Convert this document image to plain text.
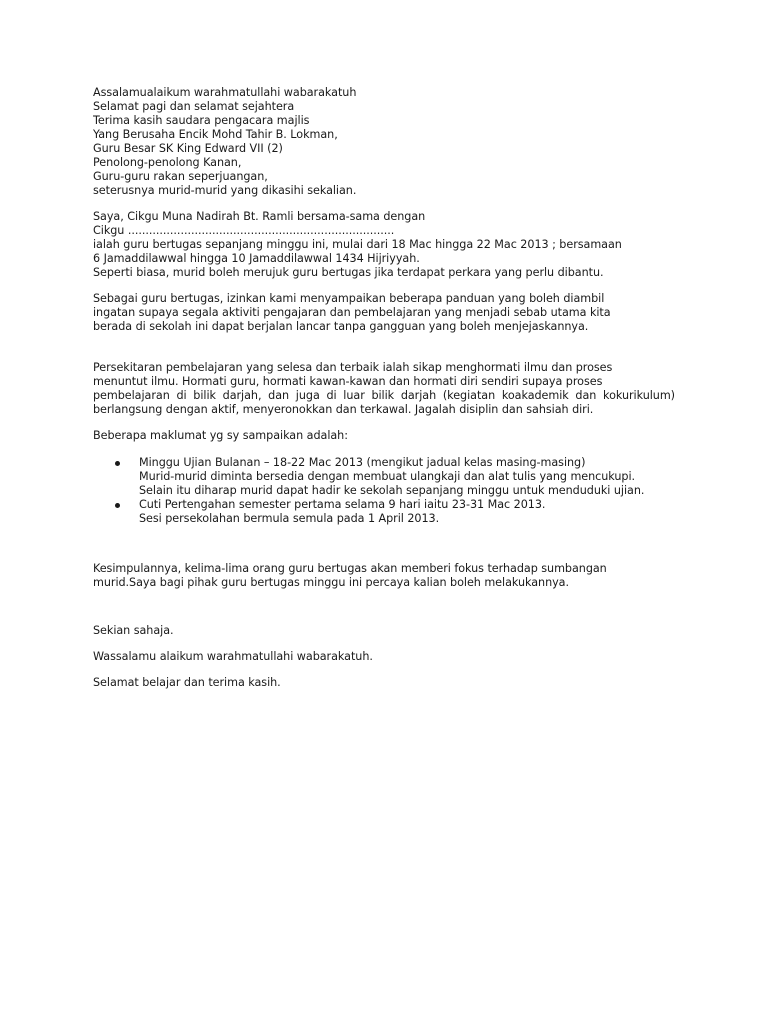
Assalamualaikum warahmatullahi wabarakatuh
Selamat pagi dan selamat sejahtera
Terima kasih saudara pengacara majlis
Yang Berusaha Encik Mohd Tahir B. Lokman,
Guru Besar SK King Edward VII (2)
Penolong-penolong Kanan,
Guru-guru rakan seperjuangan,
seterusnya murid-murid yang dikasihi sekalian.
Saya, Cikgu Muna Nadirah Bt. Ramli bersama-sama dengan
Cikgu ............................................................................
ialah guru bertugas sepanjang minggu ini, mulai dari 18 Mac hingga 22 Mac 2013 ; bersamaan
6 Jamaddilawwal hingga 10 Jamaddilawwal 1434 Hijriyyah.
Seperti biasa, murid boleh merujuk guru bertugas jika terdapat perkara yang perlu dibantu.
Sebagai guru bertugas, izinkan kami menyampaikan beberapa panduan yang boleh diambil
ingatan supaya segala aktiviti pengajaran dan pembelajaran yang menjadi sebab utama kita
berada di sekolah ini dapat berjalan lancar tanpa gangguan yang boleh menjejaskannya.
Persekitaran pembelajaran yang selesa dan terbaik ialah sikap menghormati ilmu dan proses
menuntut ilmu. Hormati guru, hormati kawan-kawan dan hormati diri sendiri supaya proses
pembelajaran di bilik darjah, dan juga di luar bilik darjah (kegiatan koakademik dan kokurikulum) berlangsung dengan aktif, menyeronokkan dan terkawal. Jagalah disiplin dan sahsiah diri.
Beberapa maklumat yg sy sampaikan adalah:
Minggu Ujian Bulanan – 18-22 Mac 2013 (mengikut jadual kelas masing-masing)
Murid-murid diminta bersedia dengan membuat ulangkaji dan alat tulis yang mencukupi.
Selain itu diharap murid dapat hadir ke sekolah sepanjang minggu untuk menduduki ujian.
Cuti Pertengahan semester pertama selama 9 hari iaitu 23-31 Mac 2013.
Sesi persekolahan bermula semula pada 1 April 2013.
Kesimpulannya, kelima-lima orang guru bertugas akan memberi fokus terhadap sumbangan
murid.Saya bagi pihak guru bertugas minggu ini percaya kalian boleh melakukannya.
Sekian sahaja.
Wassalamu alaikum warahmatullahi wabarakatuh.
Selamat belajar dan terima kasih.
